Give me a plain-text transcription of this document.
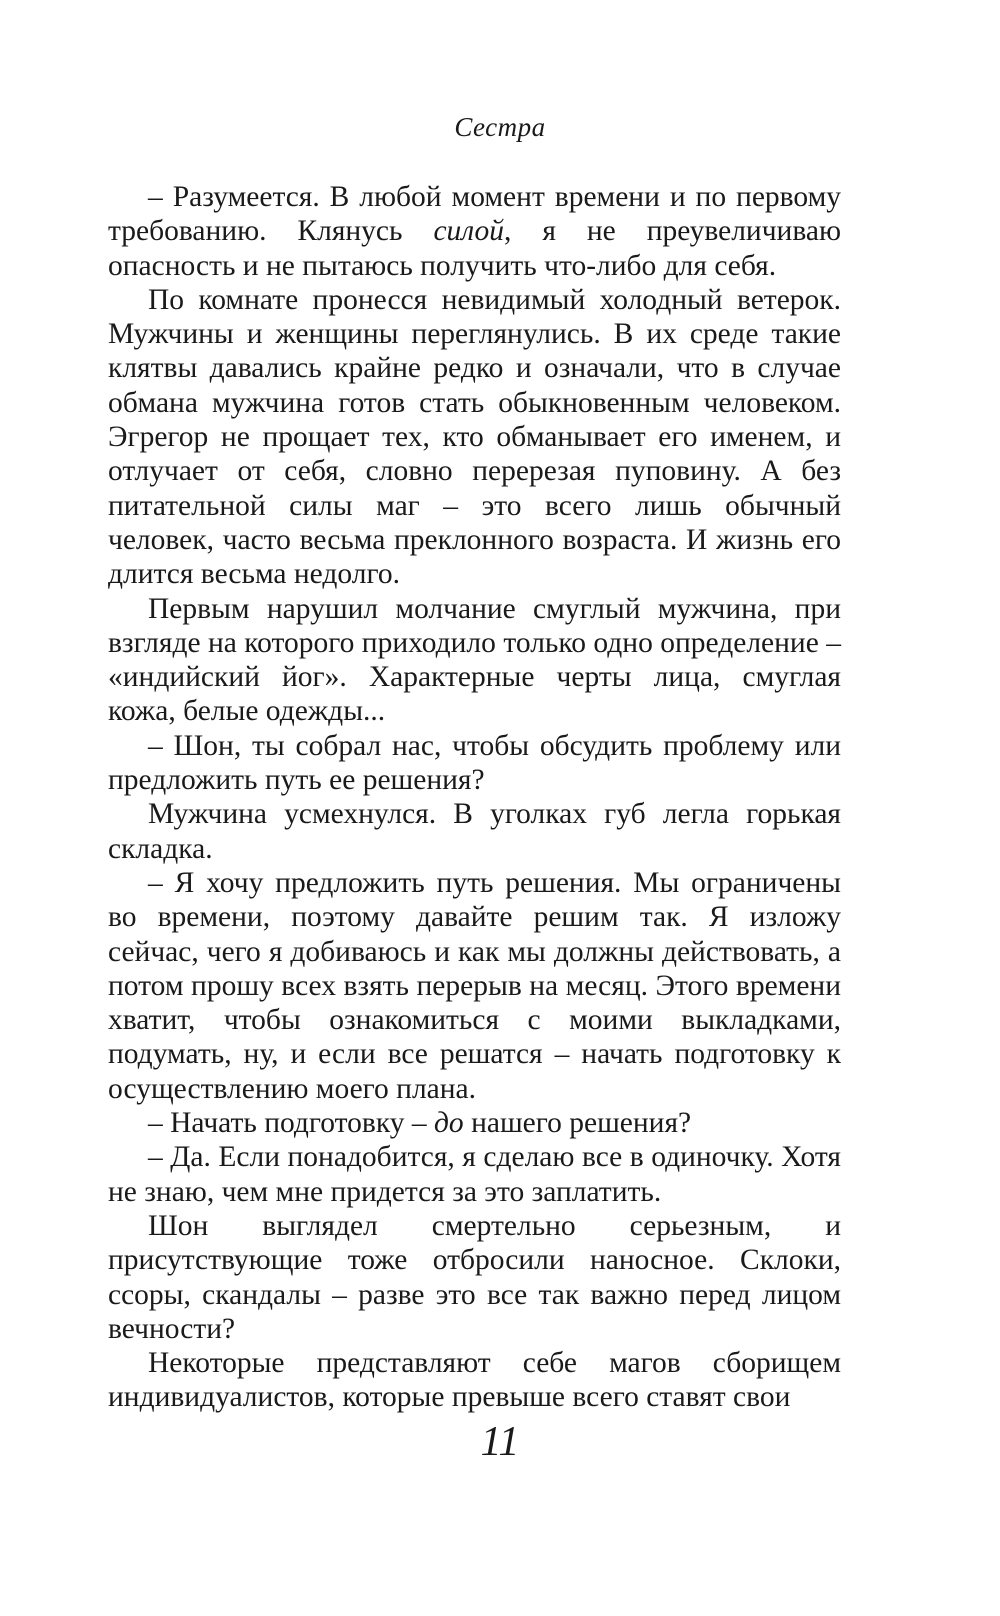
Сестра

– Разумеется. В любой момент времени и по первому требованию. Клянусь силой, я не преувеличиваю опасность и не пытаюсь получить что-либо для себя.

По комнате пронесся невидимый холодный ветерок. Мужчины и женщины переглянулись. В их среде такие клятвы давались крайне редко и означали, что в случае обмана мужчина готов стать обыкновенным человеком. Эгрегор не прощает тех, кто обманывает его именем, и отлучает от себя, словно перерезая пуповину. А без питательной силы маг – это всего лишь обычный человек, часто весьма преклонного возраста. И жизнь его длится весьма недолго.

Первым нарушил молчание смуглый мужчина, при взгляде на которого приходило только одно определение – «индийский йог». Характерные черты лица, смуглая кожа, белые одежды...

– Шон, ты собрал нас, чтобы обсудить проблему или предложить путь ее решения?

Мужчина усмехнулся. В уголках губ легла горькая складка.

– Я хочу предложить путь решения. Мы ограничены во времени, поэтому давайте решим так. Я изложу сейчас, чего я добиваюсь и как мы должны действовать, а потом прошу всех взять перерыв на месяц. Этого времени хватит, чтобы ознакомиться с моими выкладками, подумать, ну, и если все решатся – начать подготовку к осуществлению моего плана.

– Начать подготовку – до нашего решения?

– Да. Если понадобится, я сделаю все в одиночку. Хотя не знаю, чем мне придется за это заплатить.

Шон выглядел смертельно серьезным, и присутствующие тоже отбросили наносное. Склоки, ссоры, скандалы – разве это все так важно перед лицом вечности?

Некоторые представляют себе магов сборищем индивидуалистов, которые превыше всего ставят свои

11
